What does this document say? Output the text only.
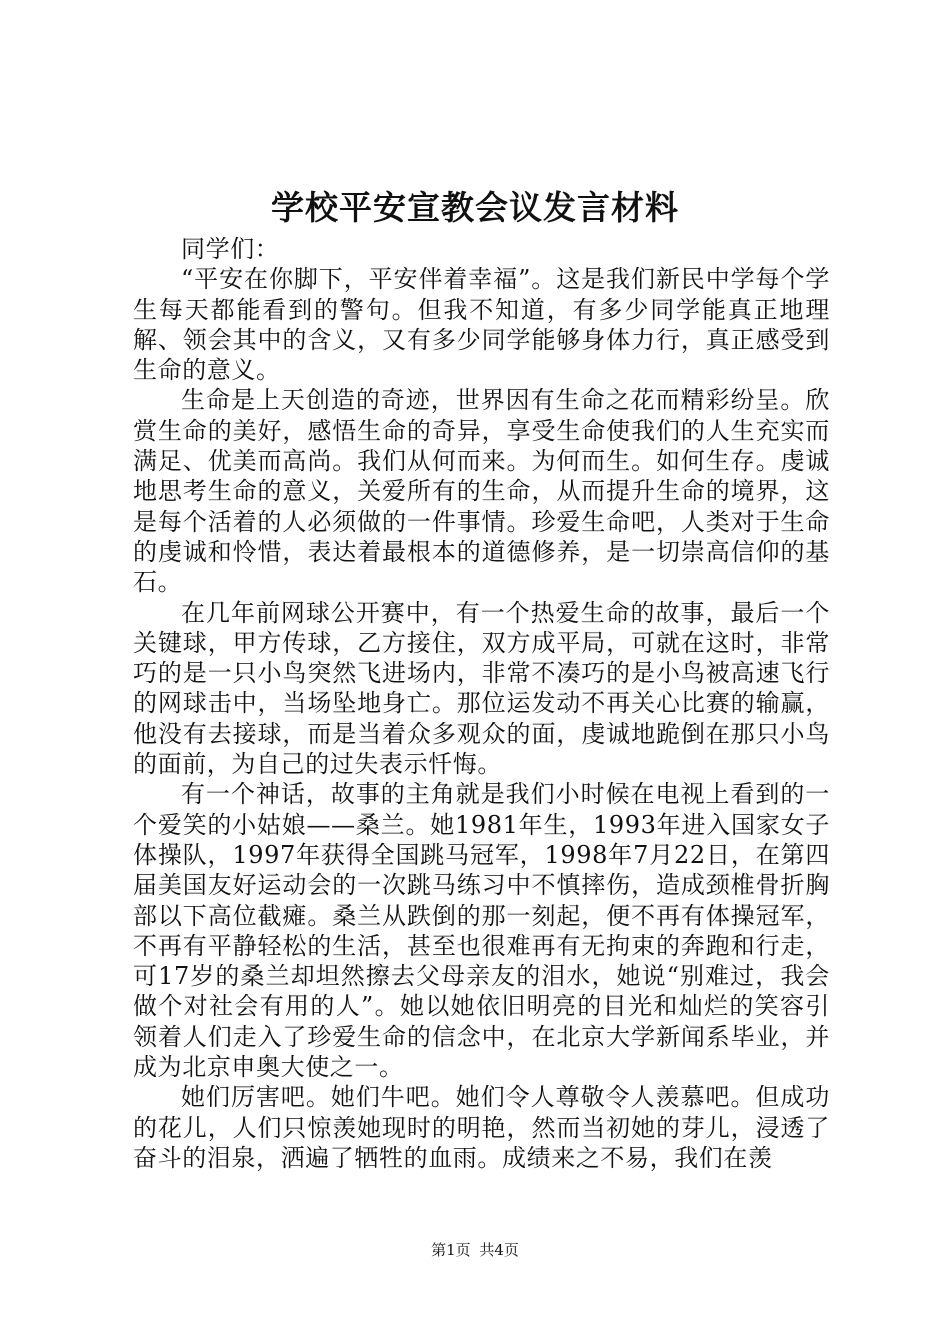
学校平安宣教会议发言材料

同学们：

“平安在你脚下，平安伴着幸福”。这是我们新民中学每个学生每天都能看到的警句。但我不知道，有多少同学能真正地理解、领会其中的含义，又有多少同学能够身体力行，真正感受到生命的意义。

生命是上天创造的奇迹，世界因有生命之花而精彩纷呈。欣赏生命的美好，感悟生命的奇异，享受生命使我们的人生充实而满足、优美而高尚。我们从何而来。为何而生。如何生存。虔诚地思考生命的意义，关爱所有的生命，从而提升生命的境界，这是每个活着的人必须做的一件事情。珍爱生命吧，人类对于生命的虔诚和怜惜，表达着最根本的道德修养，是一切崇高信仰的基石。

在几年前网球公开赛中，有一个热爱生命的故事，最后一个关键球，甲方传球，乙方接住，双方成平局，可就在这时，非常巧的是一只小鸟突然飞进场内，非常不凑巧的是小鸟被高速飞行的网球击中，当场坠地身亡。那位运发动不再关心比赛的输赢，他没有去接球，而是当着众多观众的面，虔诚地跪倒在那只小鸟的面前，为自己的过失表示忏悔。

有一个神话，故事的主角就是我们小时候在电视上看到的一个爱笑的小姑娘——桑兰。她1981年生，1993年进入国家女子体操队，1997年获得全国跳马冠军，1998年7月22日，在第四届美国友好运动会的一次跳马练习中不慎摔伤，造成颈椎骨折胸部以下高位截瘫。桑兰从跌倒的那一刻起，便不再有体操冠军，不再有平静轻松的生活，甚至也很难再有无拘束的奔跑和行走，可17岁的桑兰却坦然擦去父母亲友的泪水，她说“别难过，我会做个对社会有用的人”。她以她依旧明亮的目光和灿烂的笑容引领着人们走入了珍爱生命的信念中，在北京大学新闻系毕业，并成为北京申奥大使之一。

她们厉害吧。她们牛吧。她们令人尊敬令人羡慕吧。但成功的花儿，人们只惊羡她现时的明艳，然而当初她的芽儿，浸透了奋斗的泪泉，洒遍了牺牲的血雨。成绩来之不易，我们在羡

第1页 共4页
